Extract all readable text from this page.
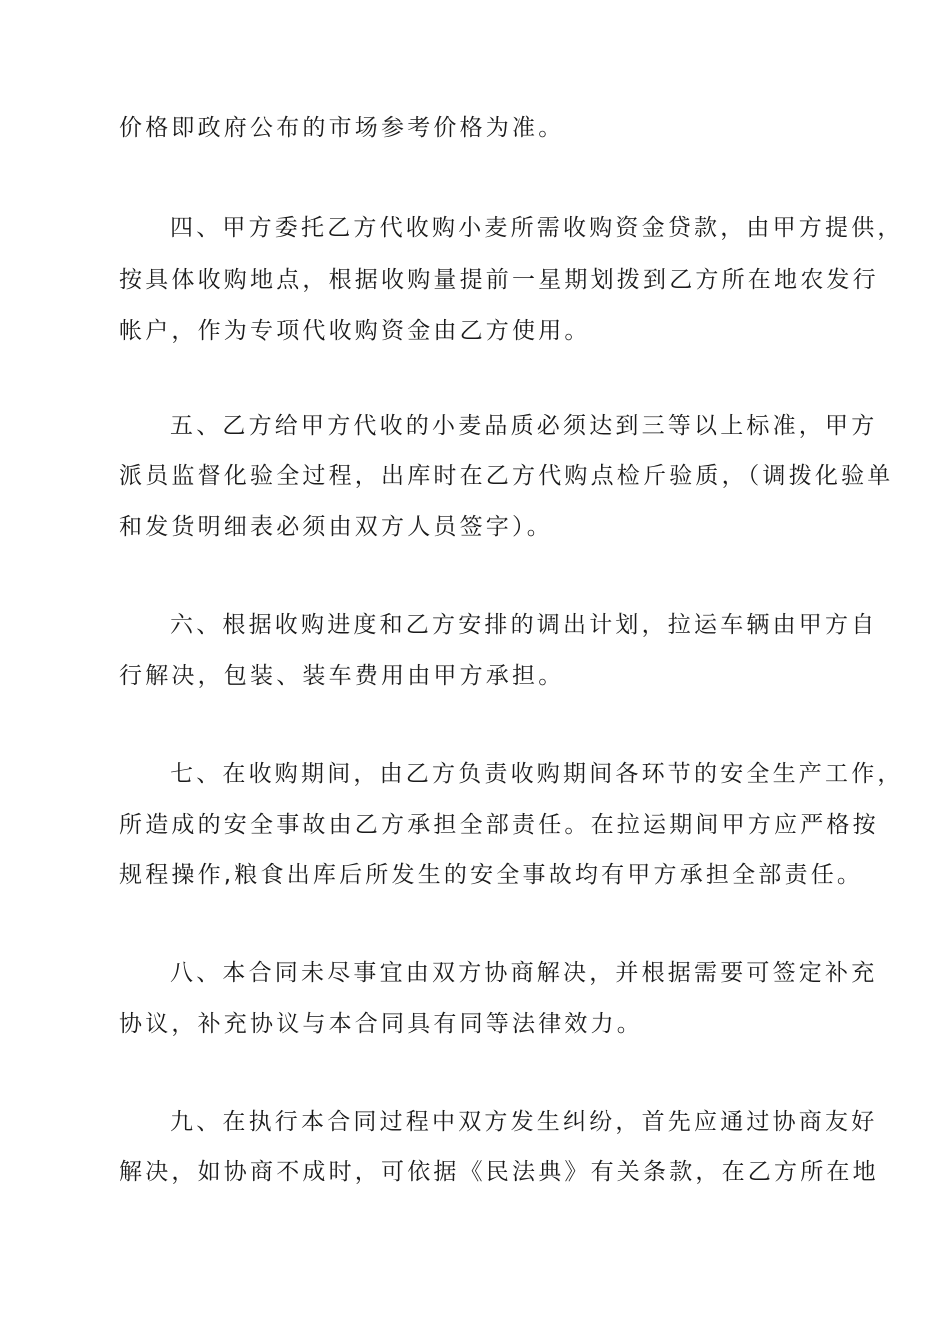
价格即政府公布的市场参考价格为准。
四、甲方委托乙方代收购小麦所需收购资金贷款，由甲方提供，
按具体收购地点，根据收购量提前一星期划拨到乙方所在地农发行
帐户，作为专项代收购资金由乙方使用。
五、乙方给甲方代收的小麦品质必须达到三等以上标准，甲方
派员监督化验全过程，出库时在乙方代购点检斤验质，（调拨化验单
和发货明细表必须由双方人员签字）。
六、根据收购进度和乙方安排的调出计划，拉运车辆由甲方自
行解决，包装、装车费用由甲方承担。
七、在收购期间，由乙方负责收购期间各环节的安全生产工作，
所造成的安全事故由乙方承担全部责任。在拉运期间甲方应严格按
规程操作,粮食出库后所发生的安全事故均有甲方承担全部责任。
八、本合同未尽事宜由双方协商解决，并根据需要可签定补充
协议，补充协议与本合同具有同等法律效力。
九、在执行本合同过程中双方发生纠纷，首先应通过协商友好
解决，如协商不成时，可依据《民法典》有关条款，在乙方所在地
